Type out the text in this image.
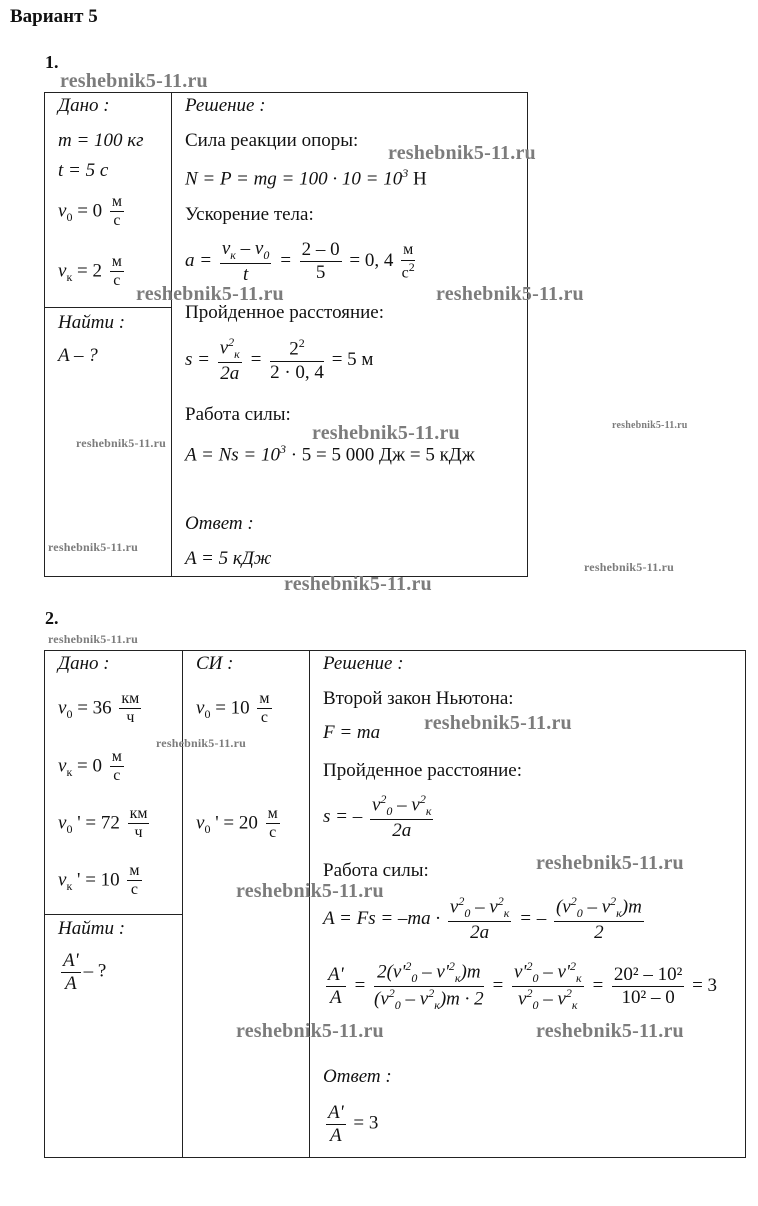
Вариант 5
1.
Дано :
m = 100 кг
t = 5 с
$v_0 = 0 \frac{м}{с}$
$v_к = 2 \frac{м}{с}$
Найти :
A – ?
Решение :
Сила реакции опоры:
N = P = mg = $100 \cdot 10 = 10^3$ Н
Ускорение тела:
$a = \frac{v_к - v_0}{t} = \frac{2 - 0}{5} = 0$, $4 \frac{м}{с^2}$
Пройденное расстояние:
$s = \frac{v^2_к}{2a} = \frac{2^2}{2 \cdot 0, 4} = 5$ м
Работа силы:
$A = Ns = 10^3 \cdot 5 = 5$ 000 Дж = 5 кДж
Ответ :
A = 5 кДж
2.
Дано :
$v_0 = 36 \frac{км}{ч}$
$v_к = 0 \frac{м}{с}$
$v_0$ ' = $72 \frac{км}{ч}$
$v_к$ ' = $10 \frac{м}{с}$
Найти :
$\frac{A'}{A}$ – ?
СИ :
$v_0 = 10 \frac{м}{с}$
$v_0$ ' = $20 \frac{м}{с}$
Решение :
Второй закон Ньютона:
F = ma
Пройденное расстояние:
s = – $\frac{v^2_0 - v^2_к}{2a}$
Работа силы:
$A = Fs = -ma \cdot \frac{v^2_0 - v^2_к}{2a}$ = – $\frac{(v^2_0 - v^2_к)m}{2}$
$\frac{A'}{A} = \frac{2(v'^2_0 - v'^2_к)m}{(v^2_0 - v^2_к)m \cdot 2} = \frac{v'^2_0 - v'^2_к}{v^2_0 - v^2_к} = \frac{\text{20² – 10²}}{\text{10² – 0}} = 3$
Ответ :
$\frac{A'}{A} = 3$
reshebnik5-11.ru
reshebnik5-11.ru
reshebnik5-11.ru	reshebnik5-11.ru
reshebnik5-11.ru
reshebnik5-11.ru
reshebnik5-11.ru
reshebnik5-11.ru
reshebnik5-11.ru
reshebnik5-11.ru
reshebnik5-11.ru
reshebnik5-11.ru
reshebnik5-11.ru
reshebnik5-11.ru
reshebnik5-11.ru
reshebnik5-11.ru	reshebnik5-11.ru
